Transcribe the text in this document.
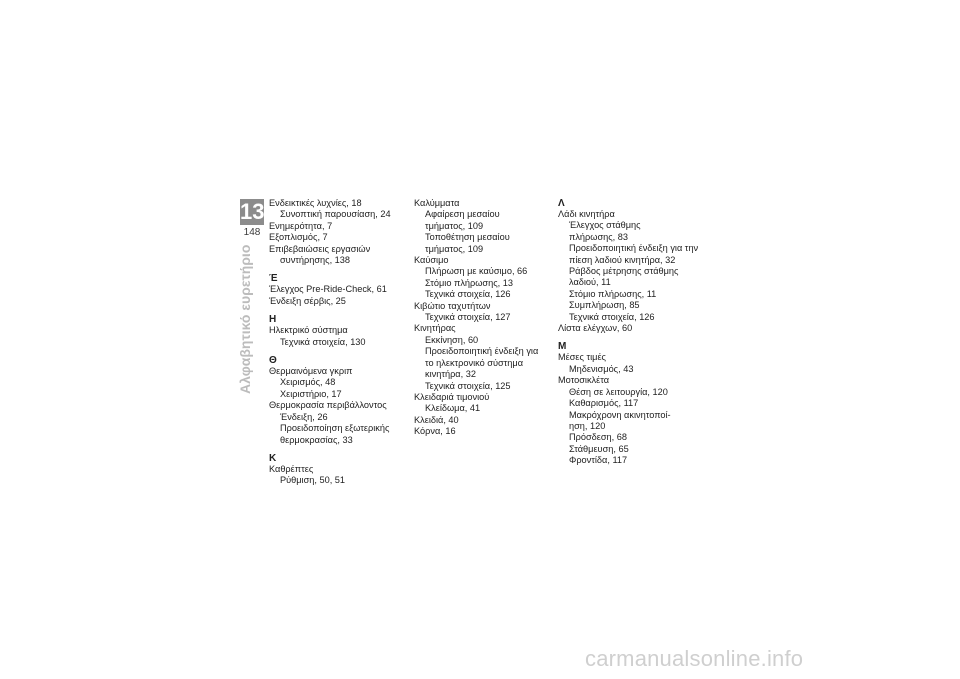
13
148
Αλφαβητικό ευρετήριο
Ενδεικτικές λυχνίες, 18
Συνοπτική παρουσίαση, 24
Ενημερότητα, 7
Εξοπλισμός, 7
Επιβεβαιώσεις εργασιών
συντήρησης, 138
Έ
Έλεγχος Pre-Ride-Check, 61
Ένδειξη σέρβις, 25
Η
Ηλεκτρικό σύστημα
Τεχνικά στοιχεία, 130
Θ
Θερμαινόμενα γκριπ
Χειρισμός, 48
Χειριστήριο, 17
Θερμοκρασία περιβάλλοντος
Ένδειξη, 26
Προειδοποίηση εξωτερικής
θερμοκρασίας, 33
Κ
Καθρέπτες
Ρύθμιση, 50, 51
Καλύμματα
Αφαίρεση μεσαίου
τμήματος, 109
Τοποθέτηση μεσαίου
τμήματος, 109
Καύσιμο
Πλήρωση με καύσιμο, 66
Στόμιο πλήρωσης, 13
Τεχνικά στοιχεία, 126
Κιβώτιο ταχυτήτων
Τεχνικά στοιχεία, 127
Κινητήρας
Εκκίνηση, 60
Προειδοποιητική ένδειξη για
το ηλεκτρονικό σύστημα
κινητήρα, 32
Τεχνικά στοιχεία, 125
Κλειδαριά τιμονιού
Κλείδωμα, 41
Κλειδιά, 40
Κόρνα, 16
Λ
Λάδι κινητήρα
Έλεγχος στάθμης
πλήρωσης, 83
Προειδοποιητική ένδειξη για την
πίεση λαδιού κινητήρα, 32
Ράβδος μέτρησης στάθμης
λαδιού, 11
Στόμιο πλήρωσης, 11
Συμπλήρωση, 85
Τεχνικά στοιχεία, 126
Λίστα ελέγχων, 60
Μ
Μέσες τιμές
Μηδενισμός, 43
Μοτοσικλέτα
Θέση σε λειτουργία, 120
Καθαρισμός, 117
Μακρόχρονη ακινητοποί-
ηση, 120
Πρόσδεση, 68
Στάθμευση, 65
Φροντίδα, 117
carmanualsonline.info
